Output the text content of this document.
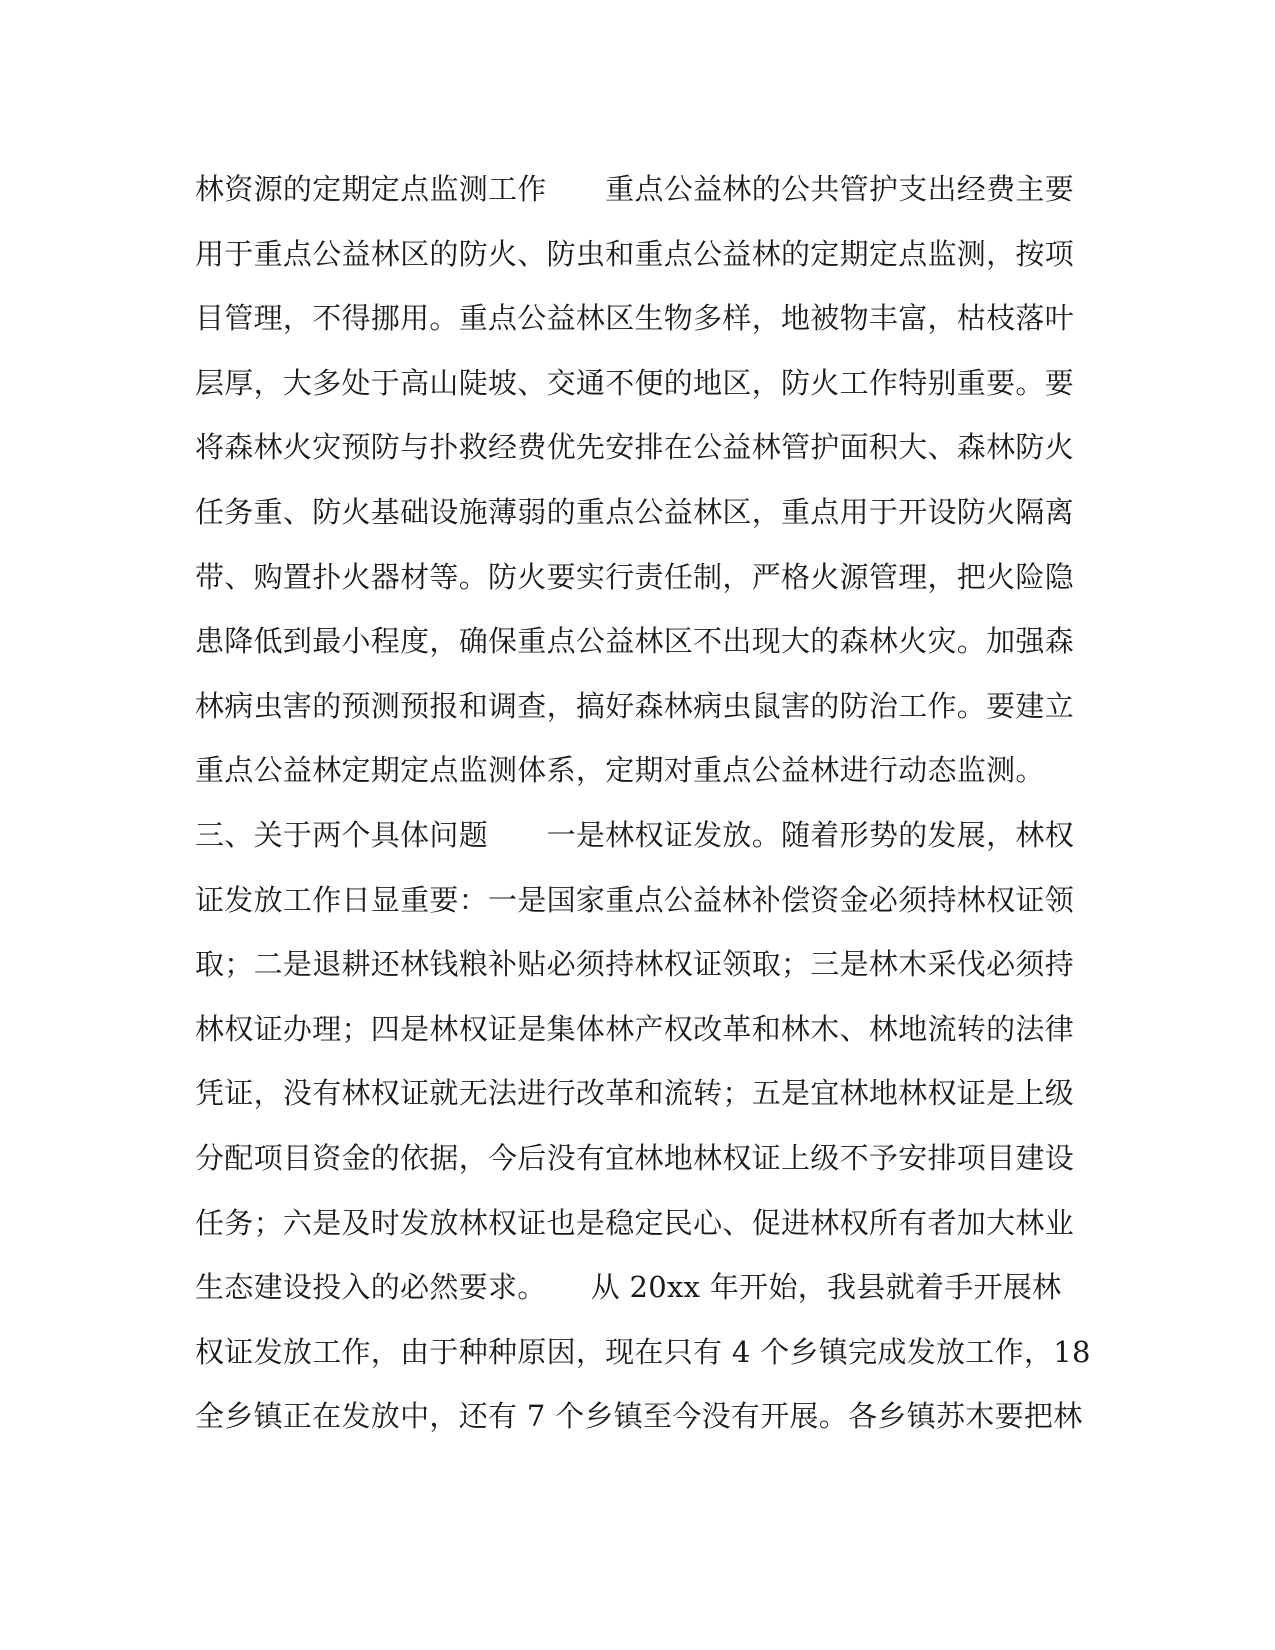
林资源的定期定点监测工作　　重点公益林的公共管护支出经费主要
用于重点公益林区的防火、防虫和重点公益林的定期定点监测，按项
目管理，不得挪用。重点公益林区生物多样，地被物丰富，枯枝落叶
层厚，大多处于高山陡坡、交通不便的地区，防火工作特别重要。要
将森林火灾预防与扑救经费优先安排在公益林管护面积大、森林防火
任务重、防火基础设施薄弱的重点公益林区，重点用于开设防火隔离
带、购置扑火器材等。防火要实行责任制，严格火源管理，把火险隐
患降低到最小程度，确保重点公益林区不出现大的森林火灾。加强森
林病虫害的预测预报和调查，搞好森林病虫鼠害的防治工作。要建立
重点公益林定期定点监测体系，定期对重点公益林进行动态监测。
三、关于两个具体问题　　一是林权证发放。随着形势的发展，林权
证发放工作日显重要：一是国家重点公益林补偿资金必须持林权证领
取；二是退耕还林钱粮补贴必须持林权证领取；三是林木采伐必须持
林权证办理；四是林权证是集体林产权改革和林木、林地流转的法律
凭证，没有林权证就无法进行改革和流转；五是宜林地林权证是上级
分配项目资金的依据，今后没有宜林地林权证上级不予安排项目建设
任务；六是及时发放林权证也是稳定民心、促进林权所有者加大林业
生态建设投入的必然要求。　　从 20xx 年开始，我县就着手开展林
权证发放工作，由于种种原因，现在只有 4 个乡镇完成发放工作，18
全乡镇正在发放中，还有 7 个乡镇至今没有开展。各乡镇苏木要把林
